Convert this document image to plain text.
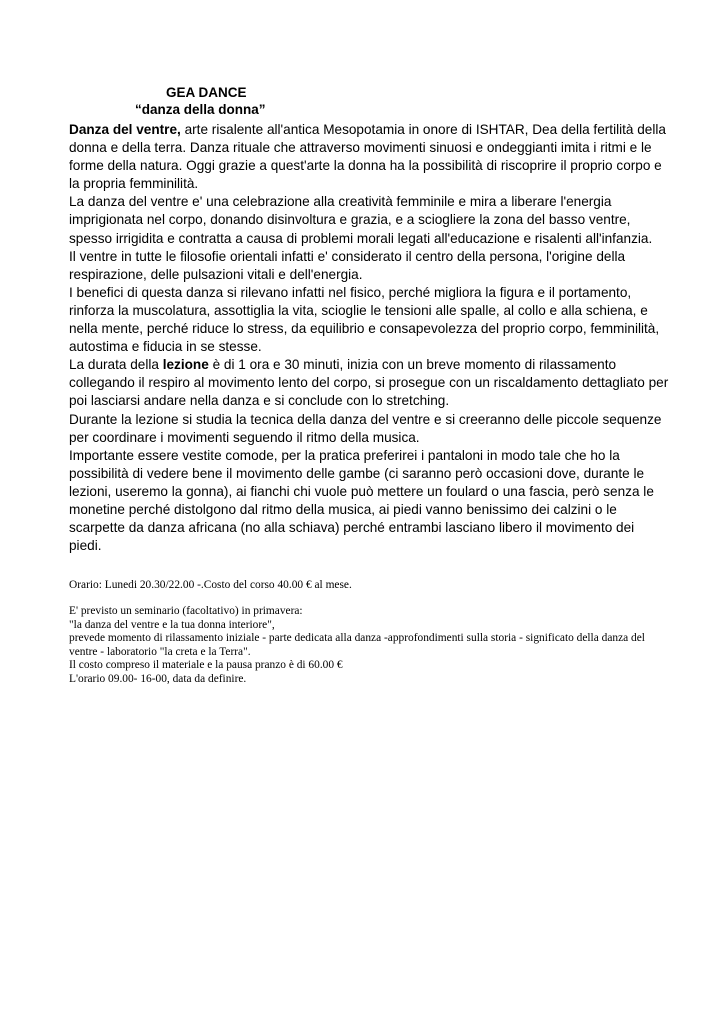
GEA DANCE
“danza della donna”

Danza del ventre, arte risalente all'antica Mesopotamia in onore di ISHTAR, Dea della fertilità della donna e della terra. Danza rituale che attraverso movimenti sinuosi e ondeggianti imita i ritmi e le forme della natura. Oggi grazie a quest'arte la donna ha la possibilità di riscoprire il proprio corpo e la propria femminilità.

La danza del ventre e' una celebrazione alla creatività femminile e mira a liberare l'energia imprigionata nel corpo, donando disinvoltura e grazia, e a sciogliere la zona del basso ventre, spesso irrigidita e contratta a causa di problemi morali legati all'educazione e risalenti all'infanzia.

Il ventre in tutte le filosofie orientali infatti e' considerato il centro della persona, l'origine della respirazione, delle pulsazioni vitali e dell'energia.

I benefici di questa danza si rilevano infatti nel fisico, perché migliora la figura e il portamento, rinforza la muscolatura, assottiglia la vita, scioglie le tensioni alle spalle, al collo e alla schiena, e nella mente, perché riduce lo stress, da equilibrio e consapevolezza del proprio corpo, femminilità, autostima e fiducia in se stesse.

La durata della lezione è di 1 ora e 30 minuti, inizia con un breve momento di rilassamento collegando il respiro al movimento lento del corpo, si prosegue con un riscaldamento dettagliato per poi lasciarsi andare nella danza e si conclude con lo stretching.

Durante la lezione si studia la tecnica della danza del ventre e si creeranno delle piccole sequenze per coordinare i movimenti seguendo il ritmo della musica.

Importante essere vestite comode, per la pratica preferirei i pantaloni in modo tale che ho la possibilità di vedere bene il movimento delle gambe (ci saranno però occasioni dove, durante le lezioni, useremo la gonna), ai fianchi chi vuole può mettere un foulard o una fascia, però senza le monetine perché distolgono dal ritmo della musica, ai piedi vanno benissimo dei calzini o le scarpette da danza africana (no alla schiava) perché entrambi lasciano libero il movimento dei piedi.

Orario: Lunedi 20.30/22.00 -.Costo del corso 40.00 € al mese.

E' previsto un seminario (facoltativo) in primavera:

"la danza del ventre e la tua donna interiore",

prevede momento di rilassamento iniziale - parte dedicata alla danza -approfondimenti sulla storia - significato della danza del ventre - laboratorio "la creta e la Terra".

Il costo compreso il materiale e la pausa pranzo è di 60.00 €

L'orario 09.00- 16-00, data da definire.
